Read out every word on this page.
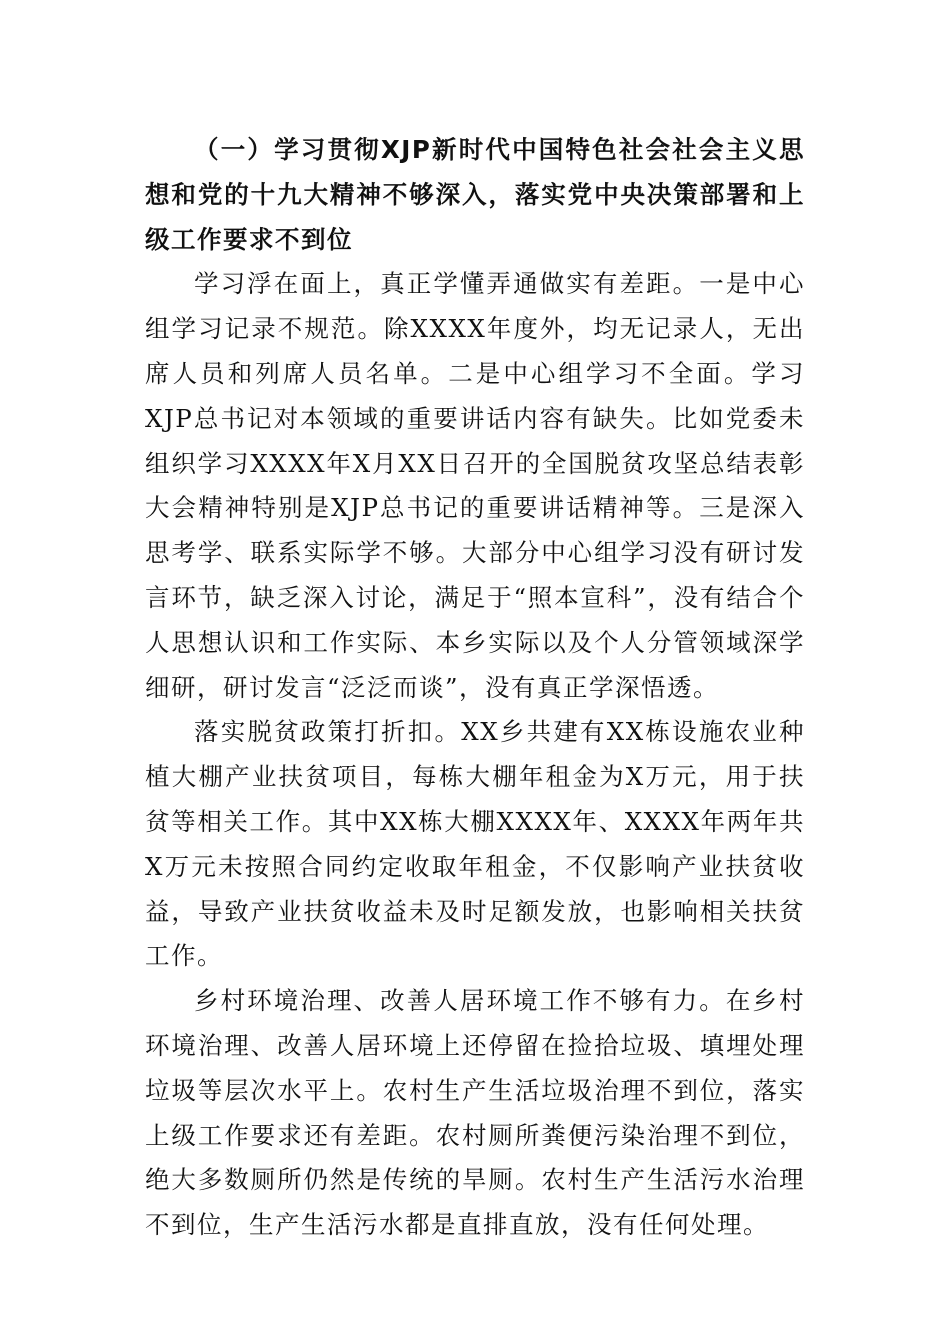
（一）学习贯彻XJP新时代中国特色社会社会主义思想和党的十九大精神不够深入，落实党中央决策部署和上级工作要求不到位

学习浮在面上，真正学懂弄通做实有差距。一是中心组学习记录不规范。除XXXX年度外，均无记录人，无出席人员和列席人员名单。二是中心组学习不全面。学习XJP总书记对本领域的重要讲话内容有缺失。比如党委未组织学习XXXX年X月XX日召开的全国脱贫攻坚总结表彰大会精神特别是XJP总书记的重要讲话精神等。三是深入思考学、联系实际学不够。大部分中心组学习没有研讨发言环节，缺乏深入讨论，满足于“照本宣科”，没有结合个人思想认识和工作实际、本乡实际以及个人分管领域深学细研，研讨发言“泛泛而谈”，没有真正学深悟透。

落实脱贫政策打折扣。XX乡共建有XX栋设施农业种植大棚产业扶贫项目，每栋大棚年租金为X万元，用于扶贫等相关工作。其中XX栋大棚XXXX年、XXXX年两年共X万元未按照合同约定收取年租金，不仅影响产业扶贫收益，导致产业扶贫收益未及时足额发放，也影响相关扶贫工作。

乡村环境治理、改善人居环境工作不够有力。在乡村环境治理、改善人居环境上还停留在捡拾垃圾、填埋处理垃圾等层次水平上。农村生产生活垃圾治理不到位，落实上级工作要求还有差距。农村厕所粪便污染治理不到位，绝大多数厕所仍然是传统的旱厕。农村生产生活污水治理不到位，生产生活污水都是直排直放，没有任何处理。
